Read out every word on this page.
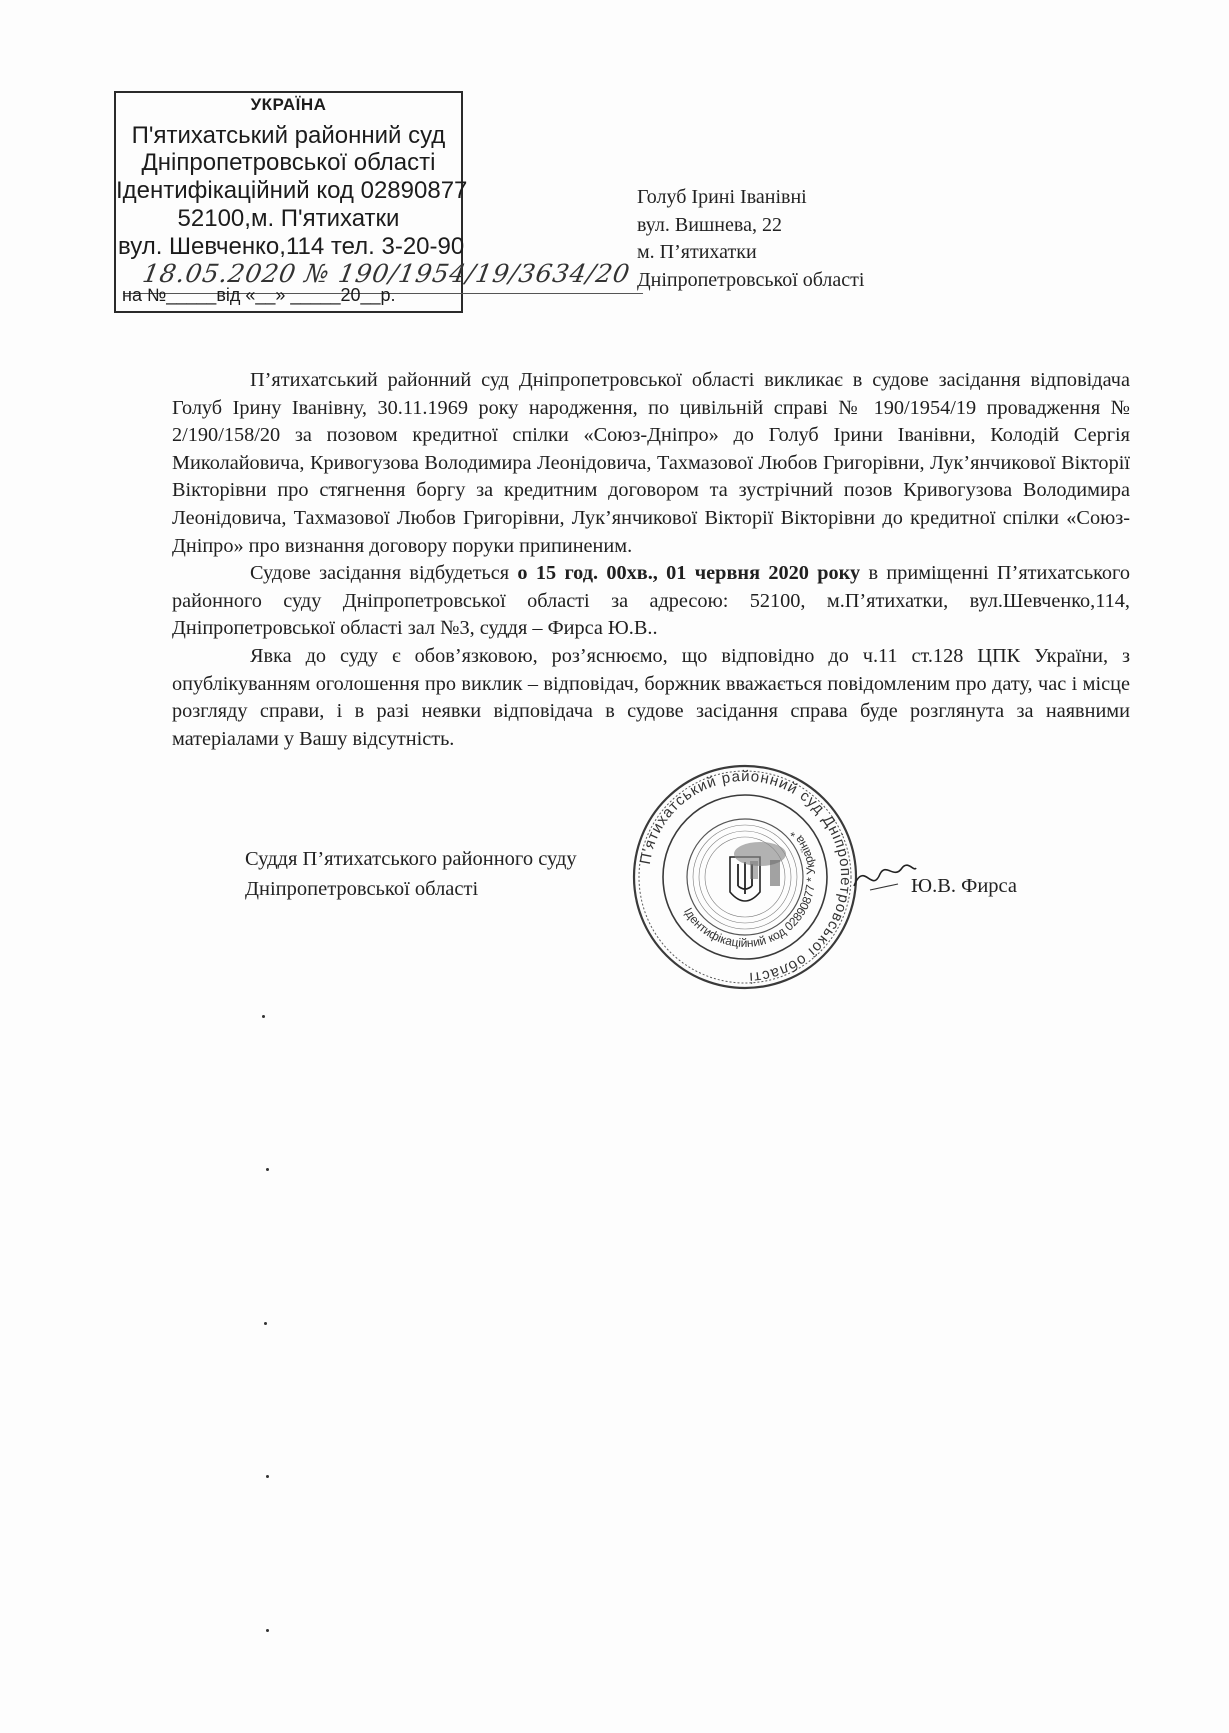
УКРАЇНА
П'ятихатський районний суд
Дніпропетровської області
Ідентифікаційний код 02890877
52100,м. П'ятихатки
вул. Шевченко,114 тел. 3-20-90
18.05.2020 № 190/1954/19/3634/20
на №_____від «__» _____20__р.
Голуб Ірині Іванівні
вул. Вишнева, 22
м. П’ятихатки
Дніпропетровської області

П’ятихатський районний суд Дніпропетровської області викликає в судове засідання відповідача Голуб Ірину Іванівну, 30.11.1969 року народження, по цивільній справі № 190/1954/19 провадження № 2/190/158/20 за позовом кредитної спілки «Союз-Дніпро» до Голуб Ірини Іванівни, Колодій Сергія Миколайовича, Кривогузова Володимира Леонідовича, Тахмазової Любов Григорівни, Лук’янчикової Вікторії Вікторівни про стягнення боргу за кредитним договором та зустрічний позов Кривогузова Володимира Леонідовича, Тахмазової Любов Григорівни, Лук’янчикової Вікторії Вікторівни до кредитної спілки «Союз-Дніпро» про визнання договору поруки припиненим.

Судове засідання відбудеться о 15 год. 00хв., 01 червня 2020 року в приміщенні П’ятихатського районного суду Дніпропетровської області за адресою: 52100, м.П’ятихатки, вул.Шевченко,114, Дніпропетровської області зал №3, суддя – Фирса Ю.В..

Явка до суду є обов’язковою, роз’яснюємо, що відповідно до ч.11 ст.128 ЦПК України, з опублікуванням оголошення про виклик – відповідач, боржник вважається повідомленим про дату, час і місце розгляду справи, і в разі неявки відповідача в судове засідання справа буде розглянута за наявними матеріалами у Вашу відсутність.

Суддя П’ятихатського районного суду
Дніпропетровської області
П'ятихатський районний суд Дніпропетровської області
Ідентифікаційний код 02890877 * Україна *
Ю.В. Фирса
